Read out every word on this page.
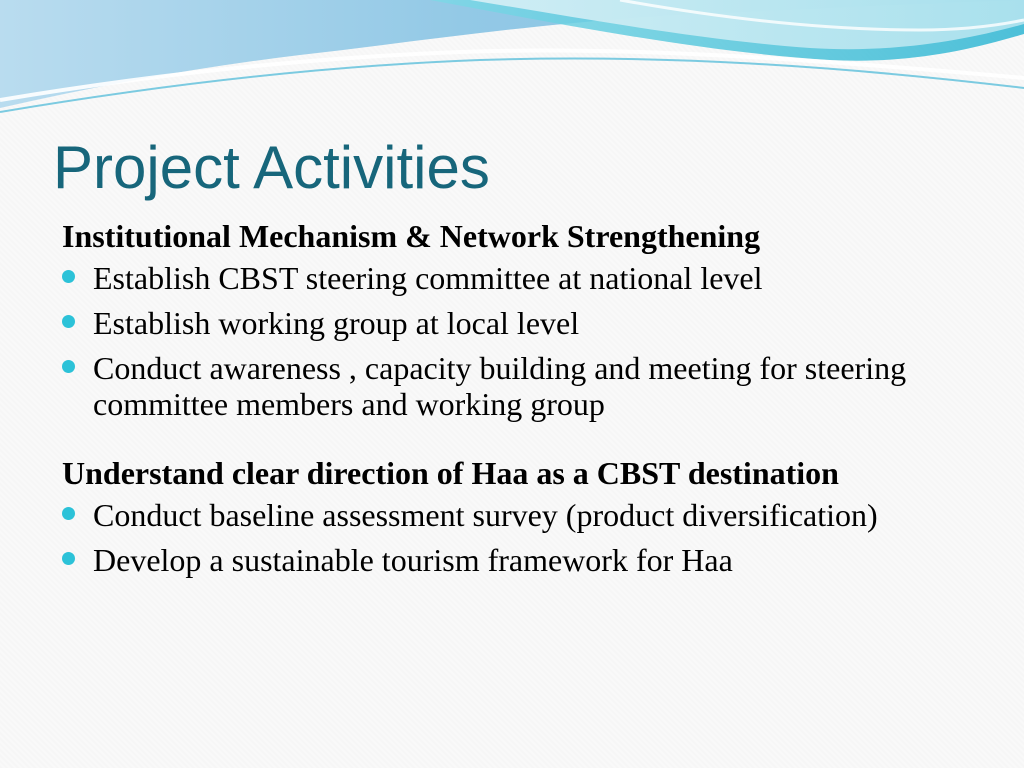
Project Activities
Institutional Mechanism & Network Strengthening
Establish CBST steering committee at national level
Establish working group at local level
Conduct awareness , capacity building and meeting for steering committee members and working group
Understand clear direction of Haa as a CBST destination
Conduct baseline assessment survey (product diversification)
Develop a sustainable tourism framework for Haa
